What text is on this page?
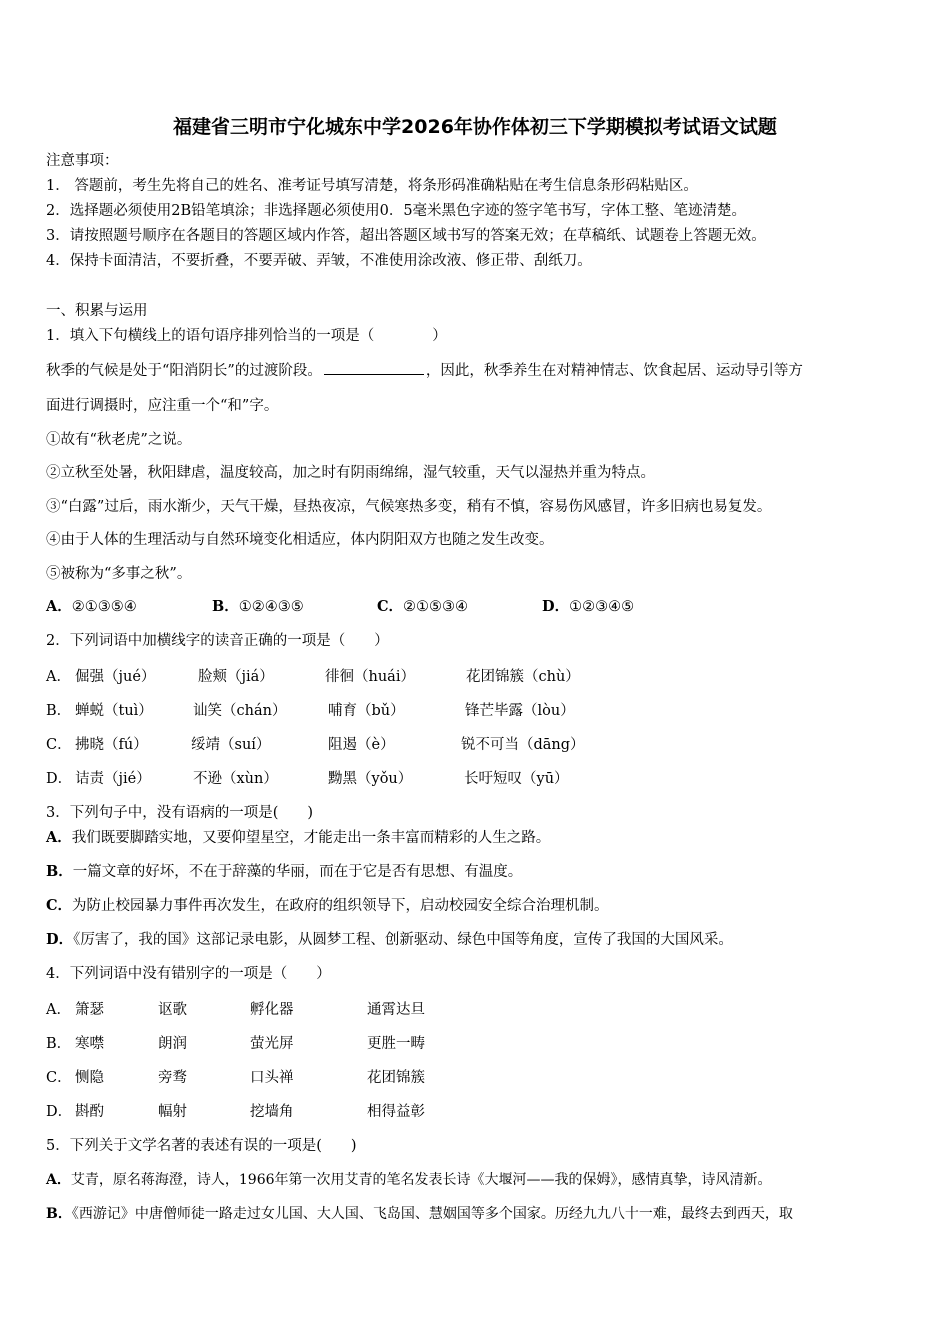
福建省三明市宁化城东中学2026年协作体初三下学期模拟考试语文试题
注意事项：
1． 答题前，考生先将自己的姓名、准考证号填写清楚，将条形码准确粘贴在考生信息条形码粘贴区。
2．选择题必须使用2B铅笔填涂；非选择题必须使用0．5毫米黑色字迹的签字笔书写，字体工整、笔迹清楚。
3．请按照题号顺序在各题目的答题区域内作答，超出答题区域书写的答案无效；在草稿纸、试题卷上答题无效。
4．保持卡面清洁，不要折叠，不要弄破、弄皱，不准使用涂改液、修正带、刮纸刀。
一、积累与运用
1．填入下句横线上的语句语序排列恰当的一项是（　　　　）
秋季的气候是处于“阳消阴长”的过渡阶段。	，因此，秋季养生在对精神情志、饮食起居、运动导引等方
面进行调摄时，应注重一个“和”字。
①故有“秋老虎”之说。
②立秋至处暑，秋阳肆虐，温度较高，加之时有阴雨绵绵，湿气较重，天气以湿热并重为特点。
③“白露”过后，雨水渐少，天气干燥，昼热夜凉，气候寒热多变，稍有不慎，容易伤风感冒，许多旧病也易复发。
④由于人体的生理活动与自然环境变化相适应，体内阴阳双方也随之发生改变。
⑤被称为“多事之秋”。
A．②①③⑤④	B．①②④③⑤	C．②①⑤③④	D．①②③④⑤
2．下列词语中加横线字的读音正确的一项是（　　）
A． 倔强（jué）	脸颊（jiá）	徘徊（huái）	花团锦簇（chù）
B． 蝉蜕（tuì）	讪笑（chán）	哺育（bǔ）	锋芒毕露（lòu）
C． 拂晓（fú）	绥靖（suí）	阻遏（è）	锐不可当（dāng）
D． 诘责（jié）	不逊（xùn）	黝黑（yǒu）	长吁短叹（yū）
3．下列句子中，没有语病的一项是(　　)
A．我们既要脚踏实地，又要仰望星空，才能走出一条丰富而精彩的人生之路。
B．一篇文章的好坏，不在于辞藻的华丽，而在于它是否有思想、有温度。
C．为防止校园暴力事件再次发生，在政府的组织领导下，启动校园安全综合治理机制。
D．《厉害了，我的国》这部记录电影，从圆梦工程、创新驱动、绿色中国等角度，宣传了我国的大国风采。
4．下列词语中没有错别字的一项是（　　）
A． 箫瑟	讴歌	孵化器	通霄达旦
B． 寒噤	朗润	萤光屏	更胜一畴
C． 恻隐	旁骛	口头禅	花团锦簇
D． 斟酌	幅射	挖墙角	相得益彰
5．下列关于文学名著的表述有误的一项是(　　)
A．艾青，原名蒋海澄，诗人，1966年第一次用艾青的笔名发表长诗《大堰河——我的保姆》，感情真挚，诗风清新。
B．《西游记》中唐僧师徒一路走过女儿国、大人国、飞岛国、慧姻国等多个国家。历经九九八十一难，最终去到西天，取
